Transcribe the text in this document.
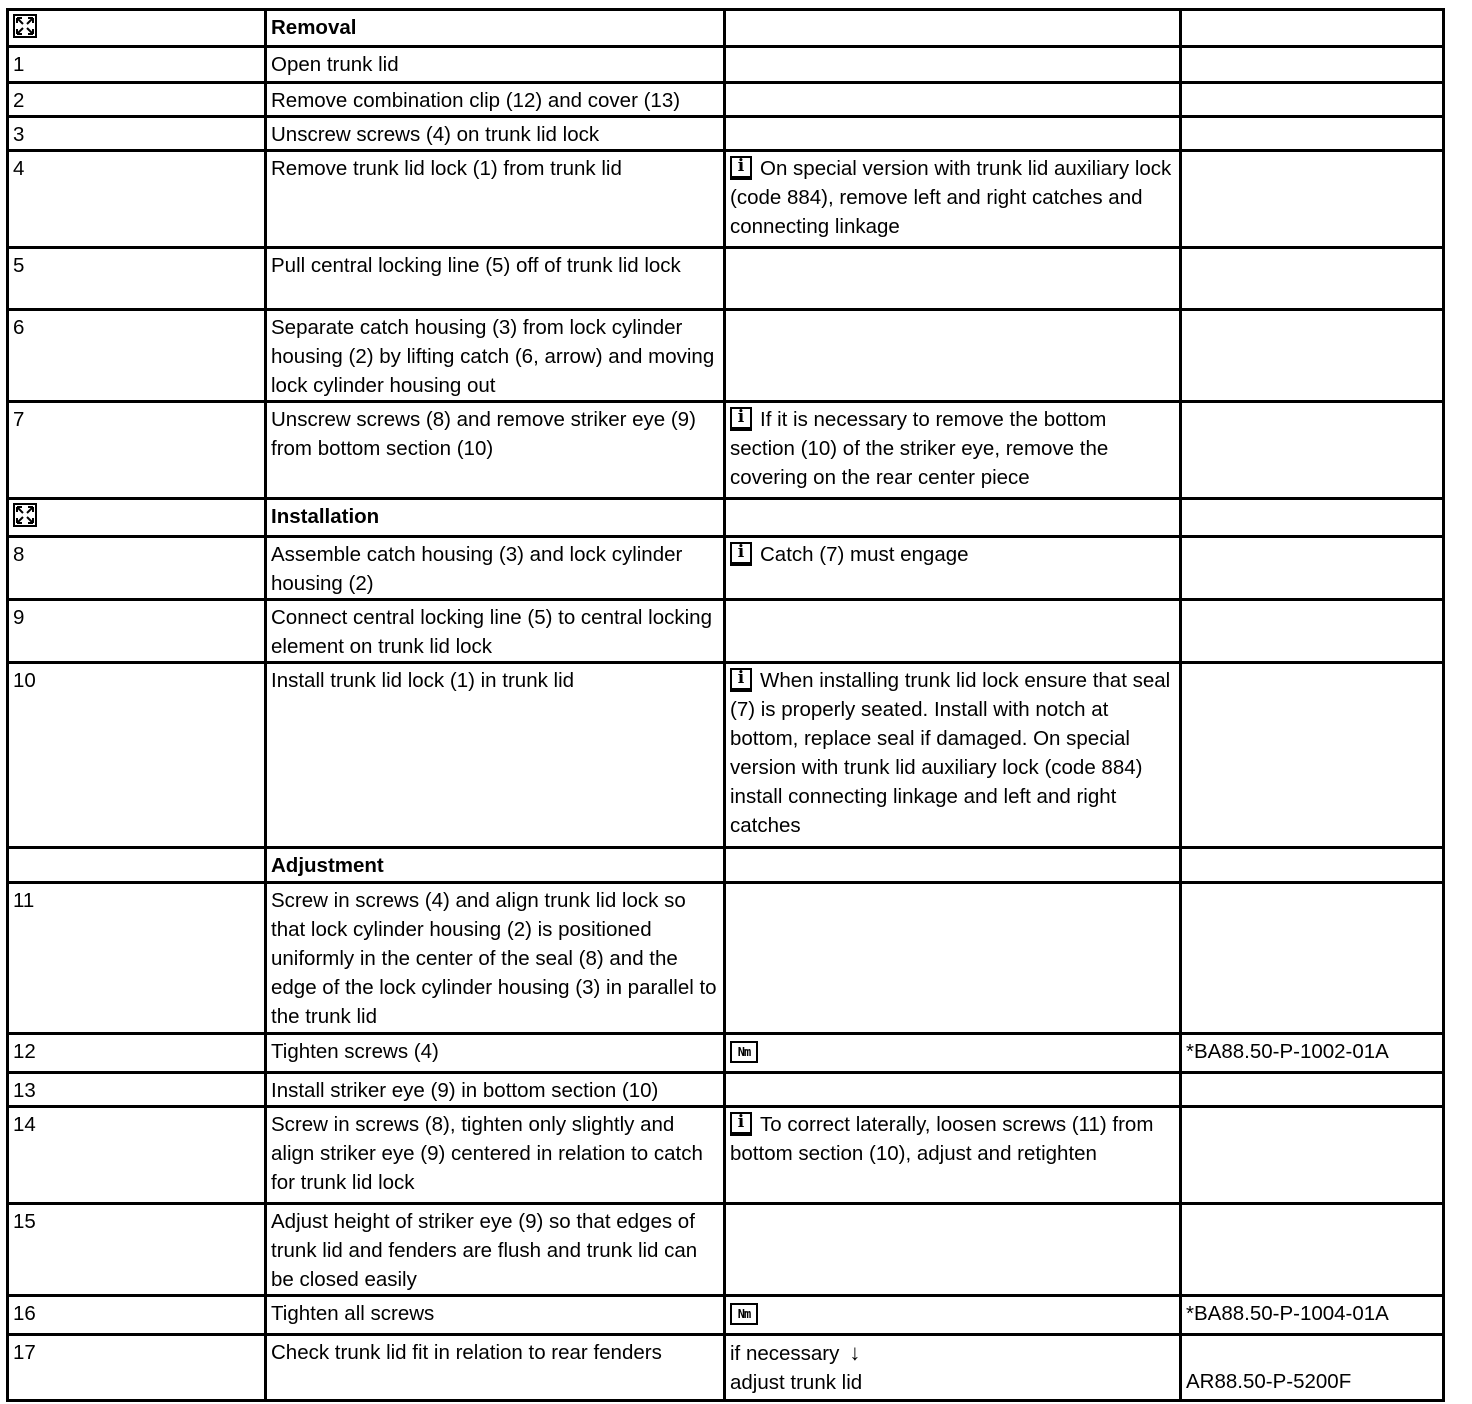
	Removal		
1	Open trunk lid		
2	Remove combination clip (12) and cover (13)		
3	Unscrew screws (4) on trunk lid lock		
4	Remove trunk lid lock (1) from trunk lid	i On special version with trunk lid auxiliary lock (code 884), remove left and right catches and connecting linkage	
5	Pull central locking line (5) off of trunk lid lock		
6	Separate catch housing (3) from lock cylinder housing (2) by lifting catch (6, arrow) and moving lock cylinder housing out		
7	Unscrew screws (8) and remove striker eye (9) from bottom section (10)	i If it is necessary to remove the bottom section (10) of the striker eye, remove the covering on the rear center piece	
	Installation		
8	Assemble catch housing (3) and lock cylinder housing (2)	i Catch (7) must engage	
9	Connect central locking line (5) to central locking element on trunk lid lock		
10	Install trunk lid lock (1) in trunk lid	i When installing trunk lid lock ensure that seal (7) is properly seated. Install with notch at bottom, replace seal if damaged. On special version with trunk lid auxiliary lock (code 884) install connecting linkage and left and right catches	
	Adjustment		
11	Screw in screws (4) and align trunk lid lock so that lock cylinder housing (2) is positioned uniformly in the center of the seal (8) and the edge of the lock cylinder housing (3) in parallel to the trunk lid		
12	Tighten screws (4)	Nm	*BA88.50-P-1002-01A
13	Install striker eye (9) in bottom section (10)		
14	Screw in screws (8), tighten only slightly and align striker eye (9) centered in relation to catch for trunk lid lock	i To correct laterally, loosen screws (11) from bottom section (10), adjust and retighten	
15	Adjust height of striker eye (9) so that edges of trunk lid and fenders are flush and trunk lid can be closed easily		
16	Tighten all screws	Nm	*BA88.50-P-1004-01A
17	Check trunk lid fit in relation to rear fenders	if necessary ↓
adjust trunk lid	AR88.50-P-5200F
